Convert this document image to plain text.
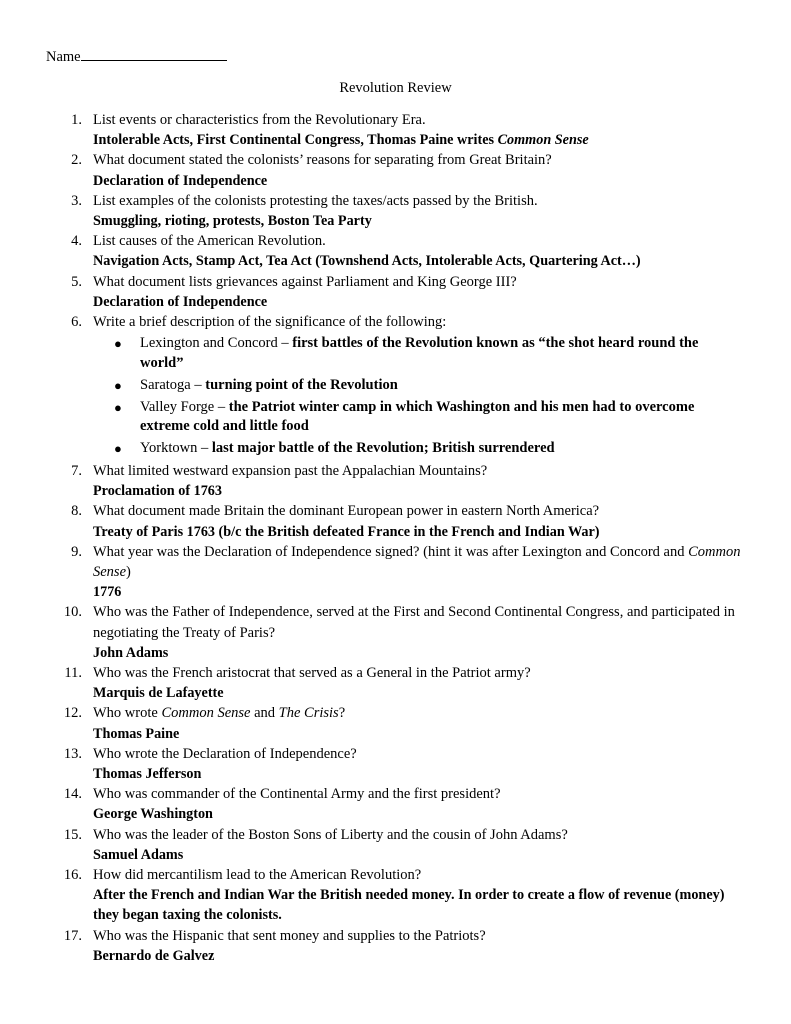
Name
Revolution Review
1. List events or characteristics from the Revolutionary Era.
Intolerable Acts, First Continental Congress, Thomas Paine writes Common Sense
2. What document stated the colonists’ reasons for separating from Great Britain?
Declaration of Independence
3. List examples of the colonists protesting the taxes/acts passed by the British.
Smuggling, rioting, protests, Boston Tea Party
4. List causes of the American Revolution.
Navigation Acts, Stamp Act, Tea Act (Townshend Acts, Intolerable Acts, Quartering Act…)
5. What document lists grievances against Parliament and King George III?
Declaration of Independence
6. Write a brief description of the significance of the following:
● Lexington and Concord – first battles of the Revolution known as “the shot heard round the world”
● Saratoga – turning point of the Revolution
● Valley Forge – the Patriot winter camp in which Washington and his men had to overcome extreme cold and little food
● Yorktown – last major battle of the Revolution; British surrendered
7. What limited westward expansion past the Appalachian Mountains?
Proclamation of 1763
8. What document made Britain the dominant European power in eastern North America?
Treaty of Paris 1763 (b/c the British defeated France in the French and Indian War)
9. What year was the Declaration of Independence signed? (hint it was after Lexington and Concord and Common Sense)
1776
10. Who was the Father of Independence, served at the First and Second Continental Congress, and participated in negotiating the Treaty of Paris?
John Adams
11. Who was the French aristocrat that served as a General in the Patriot army?
Marquis de Lafayette
12. Who wrote Common Sense and The Crisis?
Thomas Paine
13. Who wrote the Declaration of Independence?
Thomas Jefferson
14. Who was commander of the Continental Army and the first president?
George Washington
15. Who was the leader of the Boston Sons of Liberty and the cousin of John Adams?
Samuel Adams
16. How did mercantilism lead to the American Revolution?
After the French and Indian War the British needed money. In order to create a flow of revenue (money) they began taxing the colonists.
17. Who was the Hispanic that sent money and supplies to the Patriots?
Bernardo de Galvez
